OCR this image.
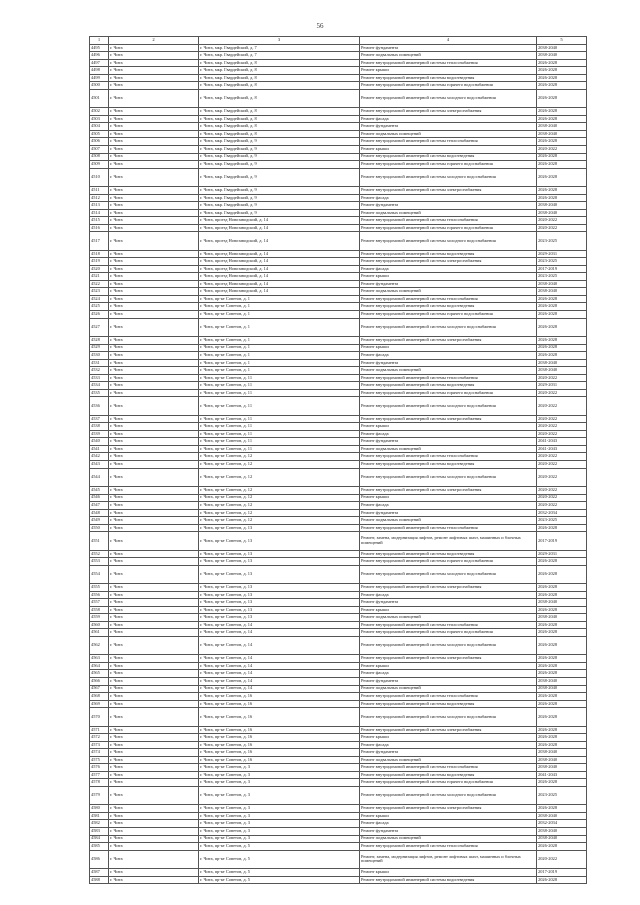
56
1	2	3	4	5
4495	г. Чита	г. Чита, мкр. Гвардейский, д. 7	Ремонт фундамента	2038-2040
4496	г. Чита	г. Чита, мкр. Гвардейский, д. 7	Ремонт подвальных помещений	2038-2040
4497	г. Чита	г. Чита, мкр. Гвардейский, д. 8	Ремонт внутридомовой инженерной системы теплоснабжения	2026-2028
4498	г. Чита	г. Чита, мкр. Гвардейский, д. 8	Ремонт крыши	2026-2028
4499	г. Чита	г. Чита, мкр. Гвардейский, д. 8	Ремонт внутридомовой инженерной системы водоотведения	2026-2028
4500	г. Чита	г. Чита, мкр. Гвардейский, д. 8	Ремонт внутридомовой инженерной системы горячего водоснабжения	2026-2028
4501	г. Чита	г. Чита, мкр. Гвардейский, д. 8	Ремонт внутридомовой инженерной системы холодного водоснабжения	2026-2028
4502	г. Чита	г. Чита, мкр. Гвардейский, д. 8	Ремонт внутридомовой инженерной системы электроснабжения	2026-2028
4503	г. Чита	г. Чита, мкр. Гвардейский, д. 8	Ремонт фасада	2026-2028
4504	г. Чита	г. Чита, мкр. Гвардейский, д. 8	Ремонт фундамента	2038-2040
4505	г. Чита	г. Чита, мкр. Гвардейский, д. 8	Ремонт подвальных помещений	2038-2040
4506	г. Чита	г. Чита, мкр. Гвардейский, д. 9	Ремонт внутридомовой инженерной системы теплоснабжения	2026-2028
4507	г. Чита	г. Чита, мкр. Гвардейский, д. 9	Ремонт крыши	2020-2022
4508	г. Чита	г. Чита, мкр. Гвардейский, д. 9	Ремонт внутридомовой инженерной системы водоотведения	2026-2028
4509	г. Чита	г. Чита, мкр. Гвардейский, д. 9	Ремонт внутридомовой инженерной системы горячего водоснабжения	2026-2028
4510	г. Чита	г. Чита, мкр. Гвардейский, д. 9	Ремонт внутридомовой инженерной системы холодного водоснабжения	2026-2028
4511	г. Чита	г. Чита, мкр. Гвардейский, д. 9	Ремонт внутридомовой инженерной системы электроснабжения	2026-2028
4512	г. Чита	г. Чита, мкр. Гвардейский, д. 9	Ремонт фасада	2026-2028
4513	г. Чита	г. Чита, мкр. Гвардейский, д. 9	Ремонт фундамента	2038-2040
4514	г. Чита	г. Чита, мкр. Гвардейский, д. 9	Ремонт подвальных помещений	2038-2040
4515	г. Чита	г. Чита, проезд Новозаводский, д. 14	Ремонт внутридомовой инженерной системы теплоснабжения	2020-2022
4516	г. Чита	г. Чита, проезд Новозаводский, д. 14	Ремонт внутридомовой инженерной системы горячего водоснабжения	2020-2022
4517	г. Чита	г. Чита, проезд Новозаводский, д. 14	Ремонт внутридомовой инженерной системы холодного водоснабжения	2023-2025
4518	г. Чита	г. Чита, проезд Новозаводский, д. 14	Ремонт внутридомовой инженерной системы водоотведения	2029-2031
4519	г. Чита	г. Чита, проезд Новозаводский, д. 14	Ремонт внутридомовой инженерной системы электроснабжения	2023-2025
4520	г. Чита	г. Чита, проезд Новозаводский, д. 14	Ремонт фасада	2017-2019
4521	г. Чита	г. Чита, проезд Новозаводский, д. 14	Ремонт крыши	2023-2025
4522	г. Чита	г. Чита, проезд Новозаводский, д. 14	Ремонт фундамента	2038-2040
4523	г. Чита	г. Чита, проезд Новозаводский, д. 14	Ремонт подвальных помещений	2038-2040
4524	г. Чита	г. Чита, пр-кт Советов, д. 1	Ремонт внутридомовой инженерной системы теплоснабжения	2026-2028
4525	г. Чита	г. Чита, пр-кт Советов, д. 1	Ремонт внутридомовой инженерной системы водоотведения	2026-2028
4526	г. Чита	г. Чита, пр-кт Советов, д. 1	Ремонт внутридомовой инженерной системы горячего водоснабжения	2026-2028
4527	г. Чита	г. Чита, пр-кт Советов, д. 1	Ремонт внутридомовой инженерной системы холодного водоснабжения	2026-2028
4528	г. Чита	г. Чита, пр-кт Советов, д. 1	Ремонт внутридомовой инженерной системы электроснабжения	2026-2028
4529	г. Чита	г. Чита, пр-кт Советов, д. 1	Ремонт крыши	2026-2028
4530	г. Чита	г. Чита, пр-кт Советов, д. 1	Ремонт фасада	2026-2028
4531	г. Чита	г. Чита, пр-кт Советов, д. 1	Ремонт фундамента	2038-2040
4532	г. Чита	г. Чита, пр-кт Советов, д. 1	Ремонт подвальных помещений	2038-2040
4533	г. Чита	г. Чита, пр-кт Советов, д. 11	Ремонт внутридомовой инженерной системы теплоснабжения	2020-2022
4534	г. Чита	г. Чита, пр-кт Советов, д. 11	Ремонт внутридомовой инженерной системы водоотведения	2029-2031
4535	г. Чита	г. Чита, пр-кт Советов, д. 11	Ремонт внутридомовой инженерной системы горячего водоснабжения	2020-2022
4536	г. Чита	г. Чита, пр-кт Советов, д. 11	Ремонт внутридомовой инженерной системы холодного водоснабжения	2020-2022
4537	г. Чита	г. Чита, пр-кт Советов, д. 11	Ремонт внутридомовой инженерной системы электроснабжения	2020-2022
4538	г. Чита	г. Чита, пр-кт Советов, д. 11	Ремонт крыши	2020-2022
4539	г. Чита	г. Чита, пр-кт Советов, д. 11	Ремонт фасада	2020-2022
4540	г. Чита	г. Чита, пр-кт Советов, д. 11	Ремонт фундамента	2041-2043
4541	г. Чита	г. Чита, пр-кт Советов, д. 11	Ремонт подвальных помещений	2041-2043
4542	г. Чита	г. Чита, пр-кт Советов, д. 12	Ремонт внутридомовой инженерной системы теплоснабжения	2020-2022
4543	г. Чита	г. Чита, пр-кт Советов, д. 12	Ремонт внутридомовой инженерной системы водоотведения	2020-2022
4544	г. Чита	г. Чита, пр-кт Советов, д. 12	Ремонт внутридомовой инженерной системы холодного водоснабжения	2020-2022
4545	г. Чита	г. Чита, пр-кт Советов, д. 12	Ремонт внутридомовой инженерной системы электроснабжения	2020-2022
4546	г. Чита	г. Чита, пр-кт Советов, д. 12	Ремонт крыши	2020-2022
4547	г. Чита	г. Чита, пр-кт Советов, д. 12	Ремонт фасада	2020-2022
4548	г. Чита	г. Чита, пр-кт Советов, д. 12	Ремонт фундамента	2032-2034
4549	г. Чита	г. Чита, пр-кт Советов, д. 12	Ремонт подвальных помещений	2023-2025
4550	г. Чита	г. Чита, пр-кт Советов, д. 13	Ремонт внутридомовой инженерной системы теплоснабжения	2026-2028
4551	г. Чита	г. Чита, пр-кт Советов, д. 13	Ремонт, замена, модернизация лифтов, ремонт лифтовых шахт, машинных и блочных помещений	2017-2019
4552	г. Чита	г. Чита, пр-кт Советов, д. 13	Ремонт внутридомовой инженерной системы водоотведения	2029-2031
4553	г. Чита	г. Чита, пр-кт Советов, д. 13	Ремонт внутридомовой инженерной системы горячего водоснабжения	2026-2028
4554	г. Чита	г. Чита, пр-кт Советов, д. 13	Ремонт внутридомовой инженерной системы холодного водоснабжения	2026-2028
4555	г. Чита	г. Чита, пр-кт Советов, д. 13	Ремонт внутридомовой инженерной системы электроснабжения	2026-2028
4556	г. Чита	г. Чита, пр-кт Советов, д. 13	Ремонт фасада	2026-2028
4557	г. Чита	г. Чита, пр-кт Советов, д. 13	Ремонт фундамента	2038-2040
4558	г. Чита	г. Чита, пр-кт Советов, д. 13	Ремонт крыши	2026-2028
4559	г. Чита	г. Чита, пр-кт Советов, д. 13	Ремонт подвальных помещений	2038-2040
4560	г. Чита	г. Чита, пр-кт Советов, д. 14	Ремонт внутридомовой инженерной системы теплоснабжения	2026-2028
4561	г. Чита	г. Чита, пр-кт Советов, д. 14	Ремонт внутридомовой инженерной системы горячего водоснабжения	2026-2028
4562	г. Чита	г. Чита, пр-кт Советов, д. 14	Ремонт внутридомовой инженерной системы холодного водоснабжения	2026-2028
4563	г. Чита	г. Чита, пр-кт Советов, д. 14	Ремонт внутридомовой инженерной системы электроснабжения	2026-2028
4564	г. Чита	г. Чита, пр-кт Советов, д. 14	Ремонт крыши	2026-2028
4565	г. Чита	г. Чита, пр-кт Советов, д. 14	Ремонт фасада	2026-2028
4566	г. Чита	г. Чита, пр-кт Советов, д. 14	Ремонт фундамента	2038-2040
4567	г. Чита	г. Чита, пр-кт Советов, д. 14	Ремонт подвальных помещений	2038-2040
4568	г. Чита	г. Чита, пр-кт Советов, д. 16	Ремонт внутридомовой инженерной системы теплоснабжения	2026-2028
4569	г. Чита	г. Чита, пр-кт Советов, д. 16	Ремонт внутридомовой инженерной системы водоотведения	2026-2028
4570	г. Чита	г. Чита, пр-кт Советов, д. 16	Ремонт внутридомовой инженерной системы холодного водоснабжения	2026-2028
4571	г. Чита	г. Чита, пр-кт Советов, д. 16	Ремонт внутридомовой инженерной системы электроснабжения	2026-2028
4572	г. Чита	г. Чита, пр-кт Советов, д. 16	Ремонт крыши	2026-2028
4573	г. Чита	г. Чита, пр-кт Советов, д. 16	Ремонт фасада	2026-2028
4574	г. Чита	г. Чита, пр-кт Советов, д. 16	Ремонт фундамента	2038-2040
4575	г. Чита	г. Чита, пр-кт Советов, д. 16	Ремонт подвальных помещений	2038-2040
4576	г. Чита	г. Чита, пр-кт Советов, д. 3	Ремонт внутридомовой инженерной системы теплоснабжения	2038-2040
4577	г. Чита	г. Чита, пр-кт Советов, д. 3	Ремонт внутридомовой инженерной системы водоотведения	2041-2043
4578	г. Чита	г. Чита, пр-кт Советов, д. 3	Ремонт внутридомовой инженерной системы горячего водоснабжения	2026-2028
4579	г. Чита	г. Чита, пр-кт Советов, д. 3	Ремонт внутридомовой инженерной системы холодного водоснабжения	2023-2025
4580	г. Чита	г. Чита, пр-кт Советов, д. 3	Ремонт внутридомовой инженерной системы электроснабжения	2026-2028
4581	г. Чита	г. Чита, пр-кт Советов, д. 3	Ремонт крыши	2038-2040
4582	г. Чита	г. Чита, пр-кт Советов, д. 3	Ремонт фасада	2032-2034
4583	г. Чита	г. Чита, пр-кт Советов, д. 3	Ремонт фундамента	2038-2040
4584	г. Чита	г. Чита, пр-кт Советов, д. 3	Ремонт подвальных помещений	2038-2040
4585	г. Чита	г. Чита, пр-кт Советов, д. 5	Ремонт внутридомовой инженерной системы теплоснабжения	2026-2028
4586	г. Чита	г. Чита, пр-кт Советов, д. 5	Ремонт, замена, модернизация лифтов, ремонт лифтовых шахт, машинных и блочных помещений	2020-2022
4587	г. Чита	г. Чита, пр-кт Советов, д. 5	Ремонт крыши	2017-2019
4588	г. Чита	г. Чита, пр-кт Советов, д. 5	Ремонт внутридомовой инженерной системы водоотведения	2026-2028
